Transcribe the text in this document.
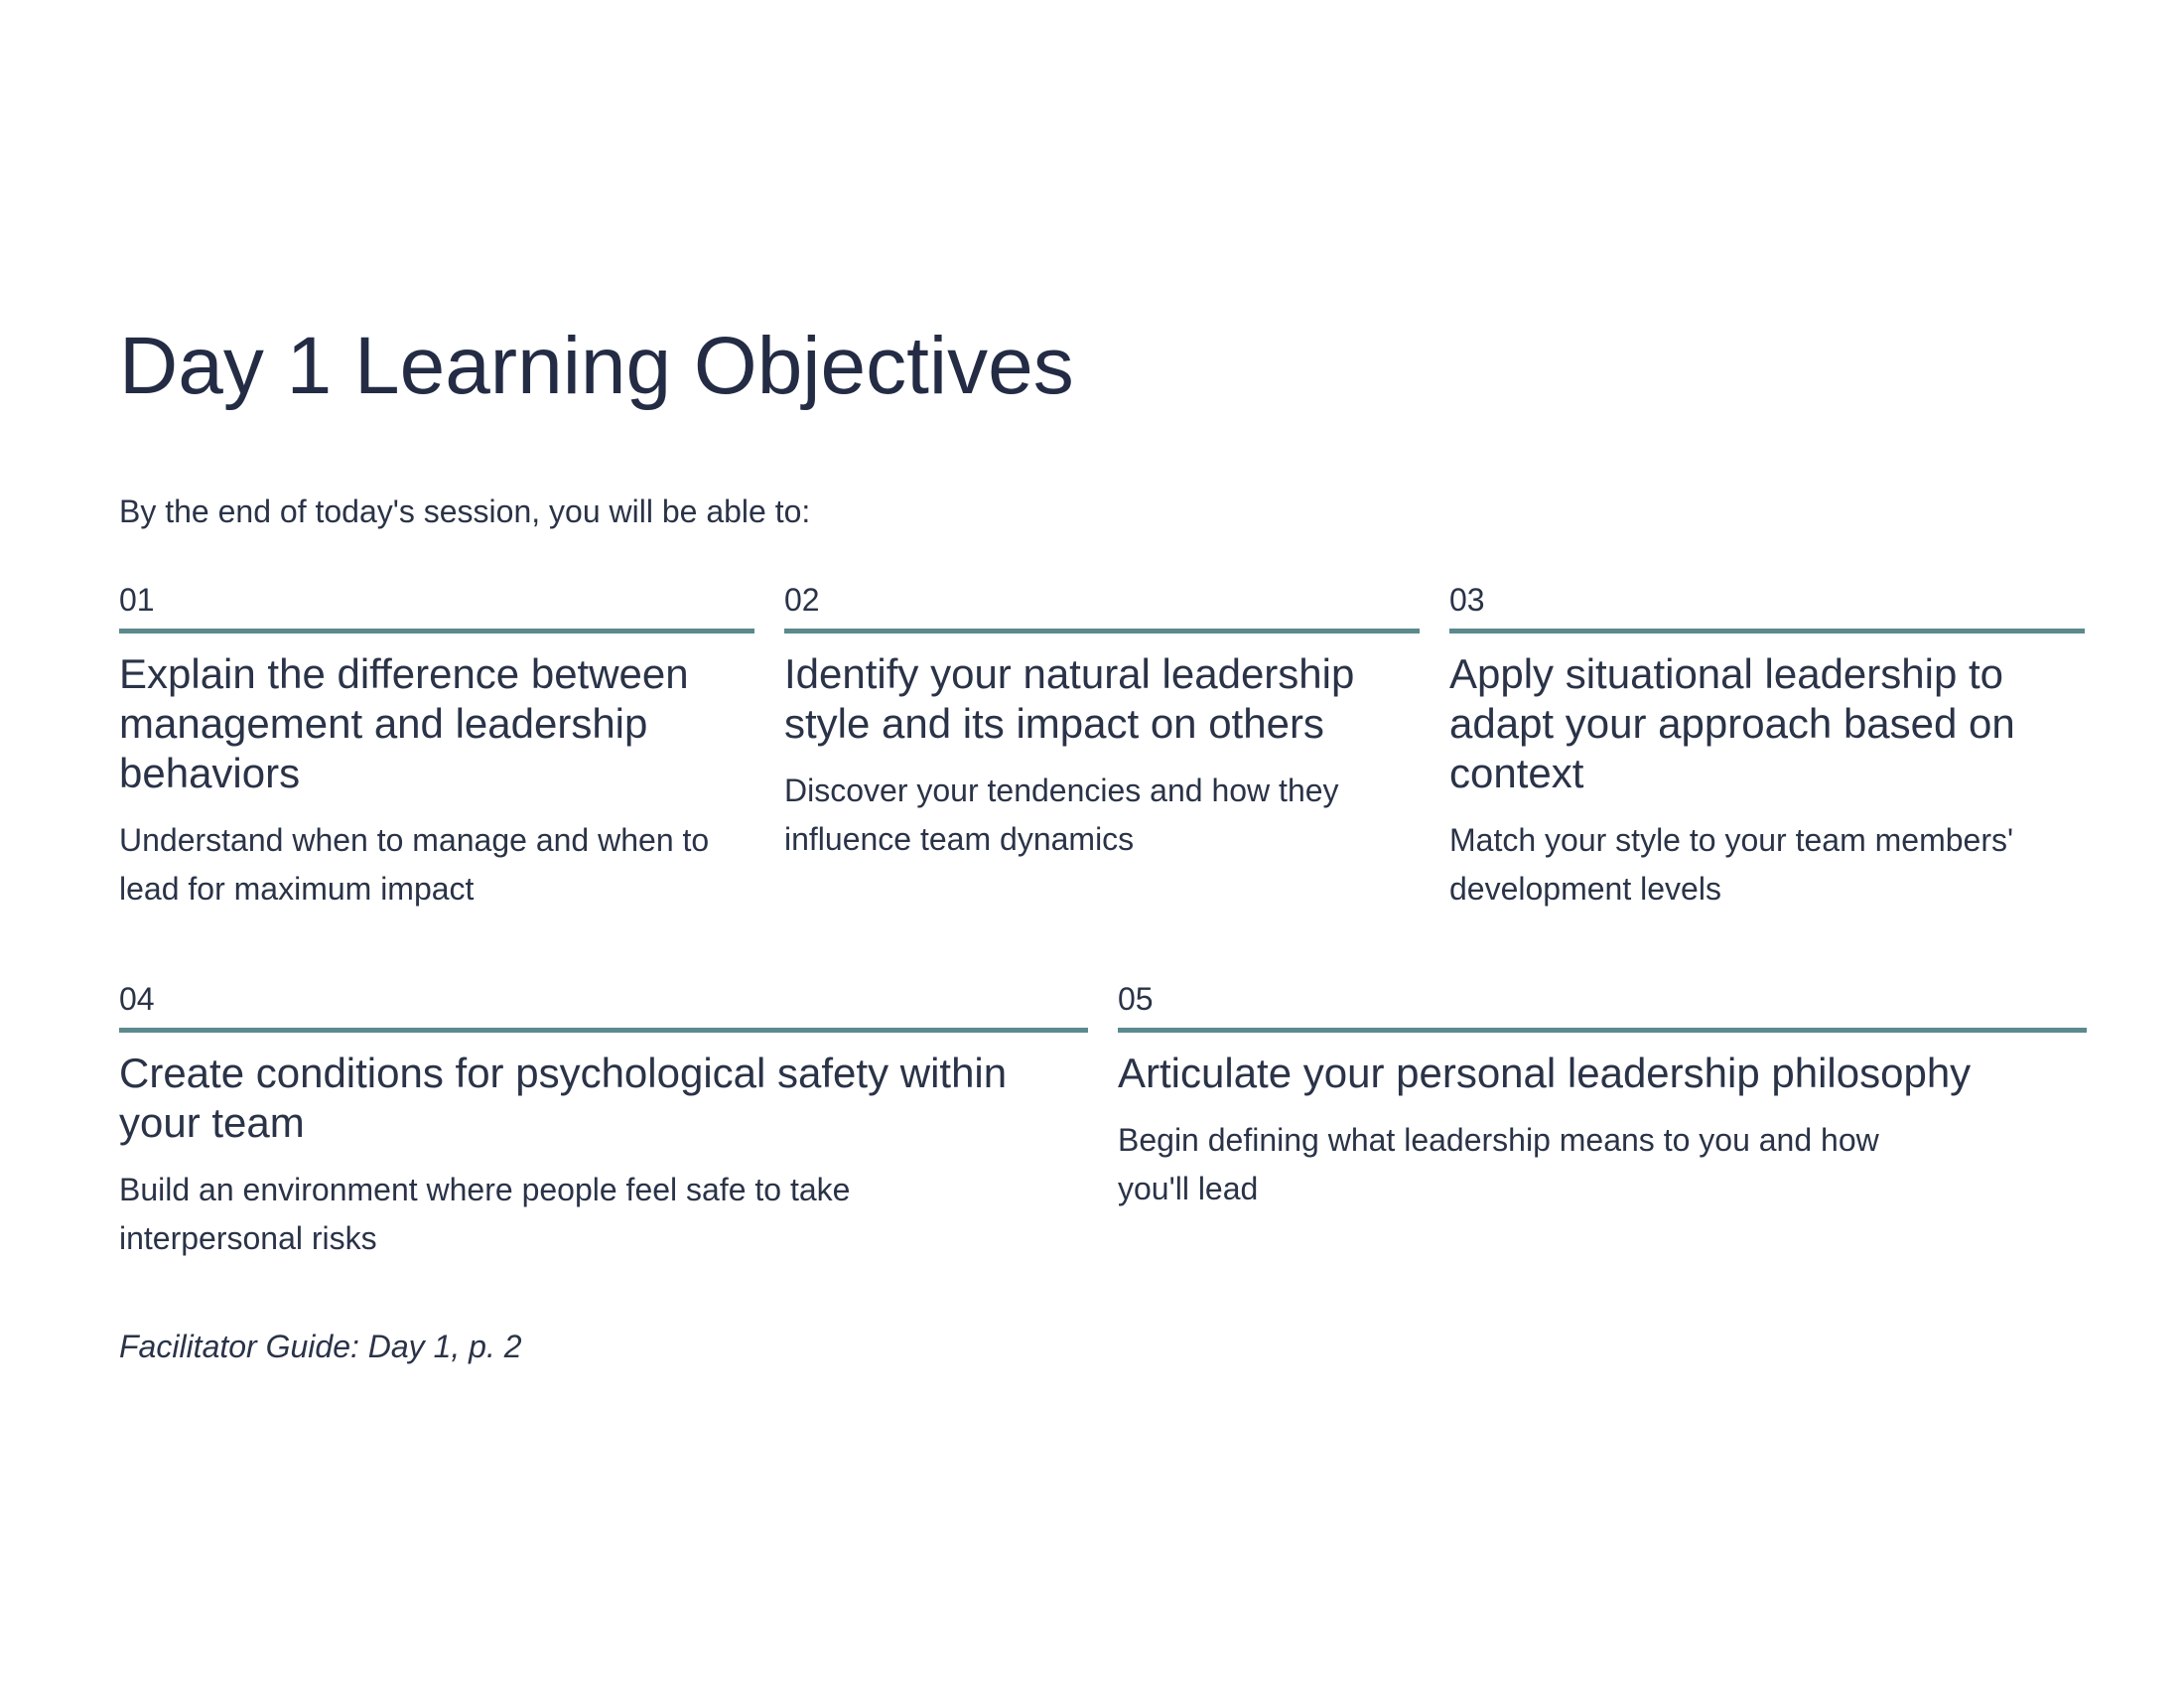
Day 1 Learning Objectives

By the end of today's session, you will be able to:

01
Explain the difference between management and leadership behaviors

Understand when to manage and when to lead for maximum impact

02
Identify your natural leadership style and its impact on others

Discover your tendencies and how they influence team dynamics

03
Apply situational leadership to adapt your approach based on context

Match your style to your team members' development levels

04
Create conditions for psychological safety within your team

Build an environment where people feel safe to take interpersonal risks

05
Articulate your personal leadership philosophy

Begin defining what leadership means to you and how you'll lead

Facilitator Guide: Day 1, p. 2
